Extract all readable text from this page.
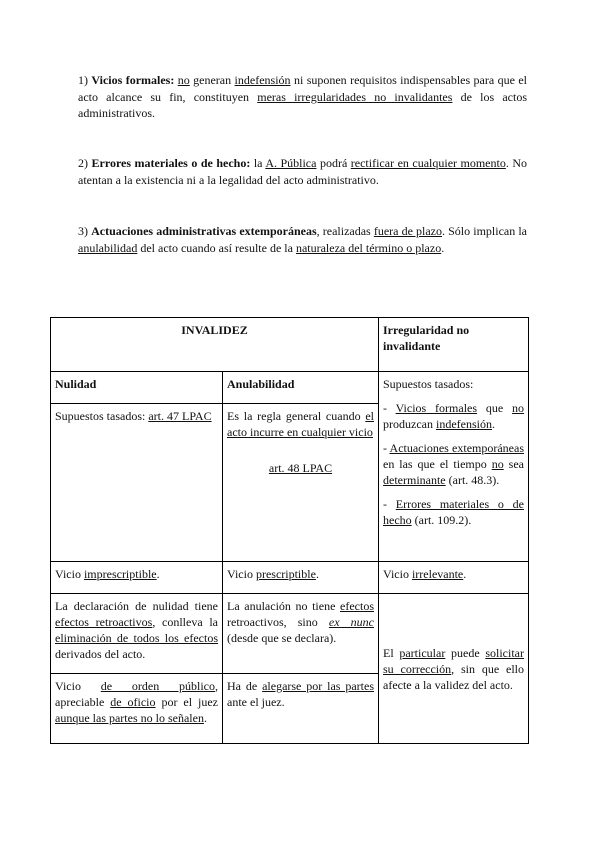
1) Vicios formales: no generan indefensión ni suponen requisitos indispensables para que el acto alcance su fin, constituyen meras irregularidades no invalidantes de los actos administrativos.
2) Errores materiales o de hecho: la A. Pública podrá rectificar en cualquier momento. No atentan a la existencia ni a la legalidad del acto administrativo.
3) Actuaciones administrativas extemporáneas, realizadas fuera de plazo. Sólo implican la anulabilidad del acto cuando así resulte de la naturaleza del término o plazo.
INVALIDEZ		Irregularidad no invalidante
Nulidad	Anulabilidad	Supuestos tasados:
- Vicios formales que no produzcan indefensión.
- Actuaciones extemporáneas en las que el tiempo no sea determinante (art. 48.3).
- Errores materiales o de hecho (art. 109.2).
Supuestos tasados: art. 47 LPAC	Es la regla general cuando el acto incurre en cualquier vicio
art. 48 LPAC	

Vicio imprescriptible.	Vicio prescriptible.	Vicio irrelevante.
La declaración de nulidad tiene efectos retroactivos, conlleva la eliminación de todos los efectos derivados del acto.	La anulación no tiene efectos retroactivos, sino ex nunc (desde que se declara).	El particular puede solicitar su corrección, sin que ello afecte a la validez del acto.
Vicio de orden público, apreciable de oficio por el juez aunque las partes no lo señalen.	Ha de alegarse por las partes ante el juez.	
